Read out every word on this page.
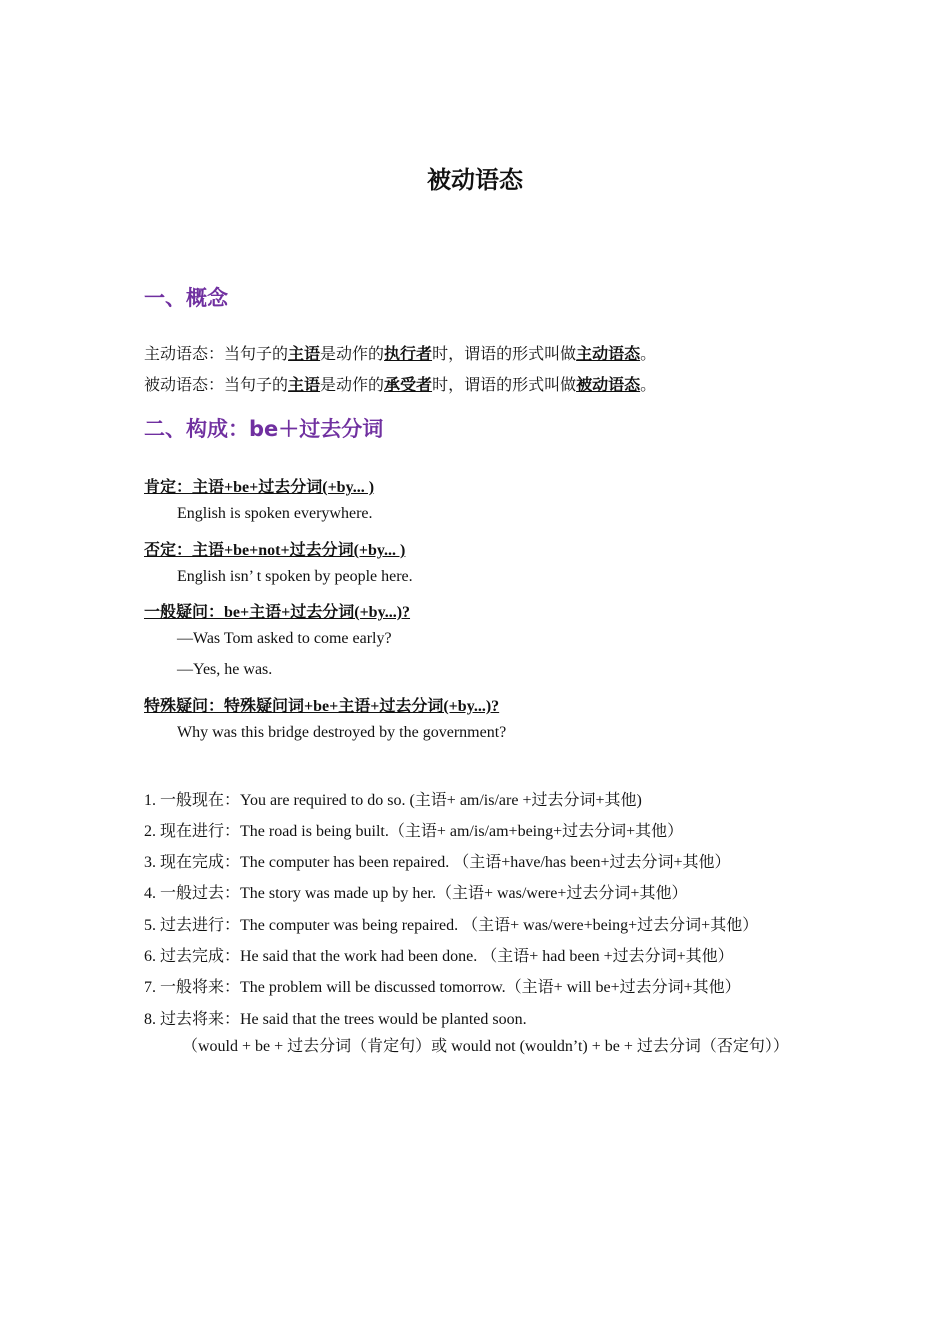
被动语态
一、概念
主动语态：当句子的主语是动作的执行者时，谓语的形式叫做主动语态。
被动语态：当句子的主语是动作的承受者时，谓语的形式叫做被动语态。
二、构成：be＋过去分词
肯定：主语+be+过去分词(+by... )
English is spoken everywhere.
否定：主语+be+not+过去分词(+by... )
English isn’ t spoken by people here.
一般疑问：be+主语+过去分词(+by...)?
—Was Tom asked to come early?
—Yes, he was.
特殊疑问：特殊疑问词+be+主语+过去分词(+by...)?
Why was this bridge destroyed by the government?
1. 一般现在：You are required to do so. (主语+ am/is/are +过去分词+其他)
2. 现在进行：The road is being built.（主语+ am/is/am+being+过去分词+其他）
3. 现在完成：The computer has been repaired. （主语+have/has been+过去分词+其他）
4. 一般过去：The story was made up by her.（主语+ was/were+过去分词+其他）
5. 过去进行：The computer was being repaired. （主语+ was/were+being+过去分词+其他）
6. 过去完成：He said that the work had been done. （主语+ had been +过去分词+其他）
7. 一般将来：The problem will be discussed tomorrow.（主语+ will be+过去分词+其他）
8. 过去将来：He said that the trees would be planted soon.
（would + be + 过去分词（肯定句）或 would not (wouldn’t) + be + 过去分词（否定句））
